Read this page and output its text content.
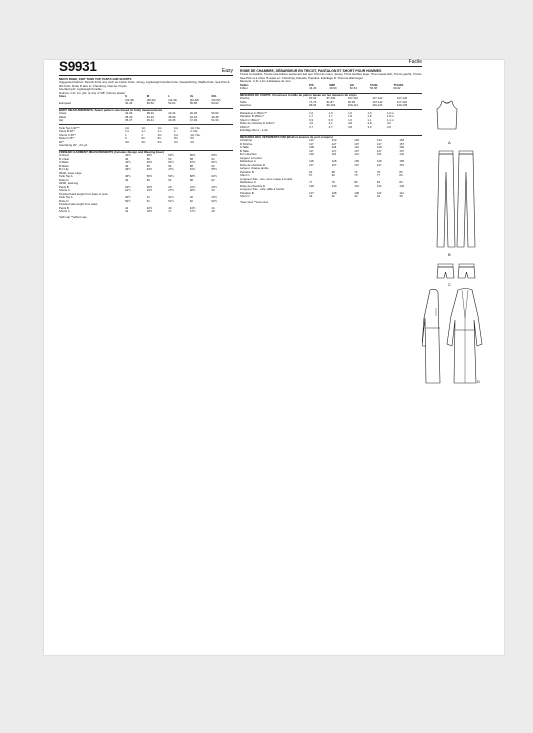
S9931	Easy
MEN'S ROBE, KNIT TANK TOP, PANTS AND SHORTS
Suggested Fabrics: Stretch Knits only such as Cotton Knits, Jersey, Lightweight Double Knits, Sweatshirting, Waffle Knits, Sea Pick & Rib Knits. Robe D also in: Chambray, Flannel, Poplin.
Interfacing D: Lightweight Fusible.
Notions: C,D: 1¼ yds. (1.2m) of 3/8" (10mm) elastic.
Sizes	S	M	L	XL	XXL
	(34-36)	(38-40)	(42-44)	(46-48)	(50-52)
European	44-46	48-50	52-54	56-58	60-62
BODY MEASUREMENTS: Select pattern size based on body measurements
Chest	34-36	38-40	42-44	46-48	50-52
Waist	28-30	32-34	36-39	42-44	46-48
Hip	35-37	39-41	43-45	47-49	51-53
Tank Top A 60"**	1⅛	1⅛	1⅛	1⅛	1⅛ Yds.
Pants B 60"*	1⅞	1⅞	1⅞	2	2 Yds.
Shorts C 60"*	1	1	1⅛	1⅛	1⅛ Yds.
Robe D 45"*	5	5¼	5¼	5½	5½
60"*	4⅜	4⅜	4⅜	4⅝	4⅝
Interfacing 20" - 2⅝ yd.					
FINISHED GARMENT MEASUREMENTS (Includes Design and Wearing Ease)
A Chest	44½	48½	52½	56½	60½
D Chest	46	50	54	58	62
A Waist	42½	46½	51½	57½	61½
B Waist	46	50	54	58	62
B,C Hip	39½	43½	47½	51½	55½
Width, lower edge					
Tank Top A	46½	50½	54½	58½	62½
Robe D	46	50	54	58	62
Width, back leg					
Pants B	24½	26½	29	31½	33½
Shorts C	22½	24½	27½	30½	33
Finished back length from base of neck					
Tank Top A	30½	31	31½	32	32½
Robe D	50½	51	51½	52	52½
Finished side length from waist					
Pants B	42	42½	43	43½	44
Shorts C	19	19½	17	17½	18
*with nap **without nap
Facile
ROBE DE CHAMBRE, DÉBARDEUR EN TRICOT, PANTALON ET SHORT POUR HOMMES
Tissus Conseillés: Tricots extensibles seulement tels que Tricot de coton, Jersey, Tricot doubles léger, Tissu sweat-shirt, Tricots gaufré, Tricots Sea-Pick et à côtes. B aussi en: Chambray, Flanelle, Popeline. Entoilage D: Thermocollant léger.
Mercerie: C,D: 1,1m d'élastique de 1cm.
Tailles	P/S	M/M	G/L	TG/XL	TTG/XS
Fr/Eur	44-46	48-50	52-54	56-58	60-62
MESURES DU CORPS: Choisissez la taille du patron basée sur les mesures du corps
Poitrine	87-92	97-102	107-112	117-122	127-132
Taille	71-76	81-87	92-99	107-112	117-122
Hanches	89-94	99-104	109-114	119-124	129-135
Débardeur A 150cm**	1,0	1,0	1,0	1,0	1,0 m
Pantalon B 150cm*	1,7	1,7	1,8	1,8	1,8 m
Short C 150cm*	0,9	0,9	1,0	1,1	1,1 m
Robe de chambre D 115cm*	4,6	4,7	4,8	4,8	4,9
150cm*	3,7	3,7	3,8	3,9	3,9
Entoilage 51cm - 2,4m					
MESURES DES VÊTEMENTS FINI (Motif et aisance de port compris)
A Poitrine	113	123	133	144	154
D Poitrine	117	127	137	147	157
A Taille	108	118	131	146	156
B Taille	117	127	137	147	157
B,C Hanches	100	110	121	131	141
Largeur, à l'ourlet					
Débardeur A	118	128	139	149	159
Robe de chambre D	117	127	137	147	157
Largeur, chaque jambe					
Pantalon B	62	68	74	79	85
Short C	57	62	70	77	84
Longueur finie - dos, votre nuque à l'ourlet					
Débardeur A	77	79	80	81	83
Robe de chambre D	128	130	131	132	133
Longueur finie - côté, taille à l'ourlet					
Pantalon B	107	108	109	110	112
Short C	42	42	43	44	45
*avec sens **sans sens
A
B
C
D
